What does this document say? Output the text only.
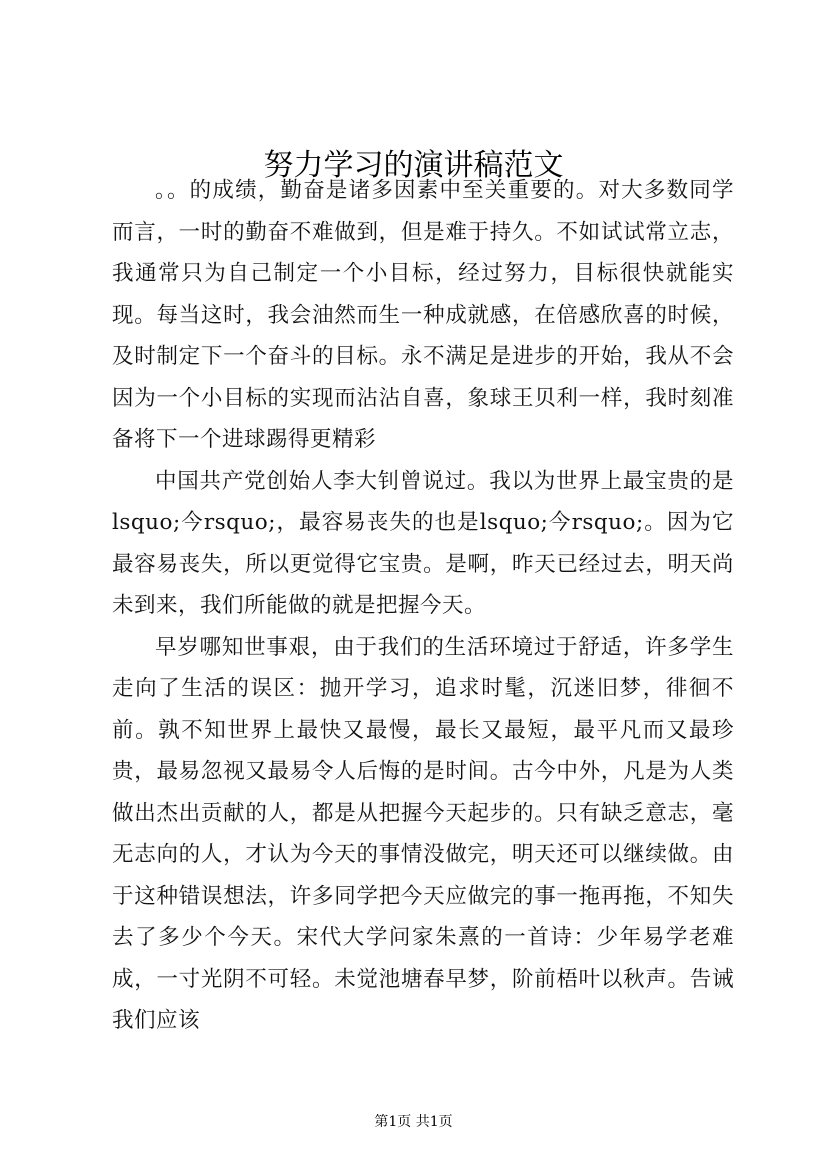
努力学习的演讲稿范文

。。的成绩，勤奋是诸多因素中至关重要的。对大多数同学而言，一时的勤奋不难做到，但是难于持久。不如试试常立志，我通常只为自己制定一个小目标，经过努力，目标很快就能实现。每当这时，我会油然而生一种成就感，在倍感欣喜的时候，及时制定下一个奋斗的目标。永不满足是进步的开始，我从不会因为一个小目标的实现而沾沾自喜，象球王贝利一样，我时刻准备将下一个进球踢得更精彩

中国共产党创始人李大钊曾说过。我以为世界上最宝贵的是lsquo;今rsquo;，最容易丧失的也是lsquo;今rsquo;。因为它最容易丧失，所以更觉得它宝贵。是啊，昨天已经过去，明天尚未到来，我们所能做的就是把握今天。

早岁哪知世事艰，由于我们的生活环境过于舒适，许多学生走向了生活的误区：抛开学习，追求时髦，沉迷旧梦，徘徊不前。孰不知世界上最快又最慢，最长又最短，最平凡而又最珍贵，最易忽视又最易令人后悔的是时间。古今中外，凡是为人类做出杰出贡献的人，都是从把握今天起步的。只有缺乏意志，毫无志向的人，才认为今天的事情没做完，明天还可以继续做。由于这种错误想法，许多同学把今天应做完的事一拖再拖，不知失去了多少个今天。宋代大学问家朱熹的一首诗：少年易学老难成，一寸光阴不可轻。未觉池塘春早梦，阶前梧叶以秋声。告诫我们应该

第1页 共1页
